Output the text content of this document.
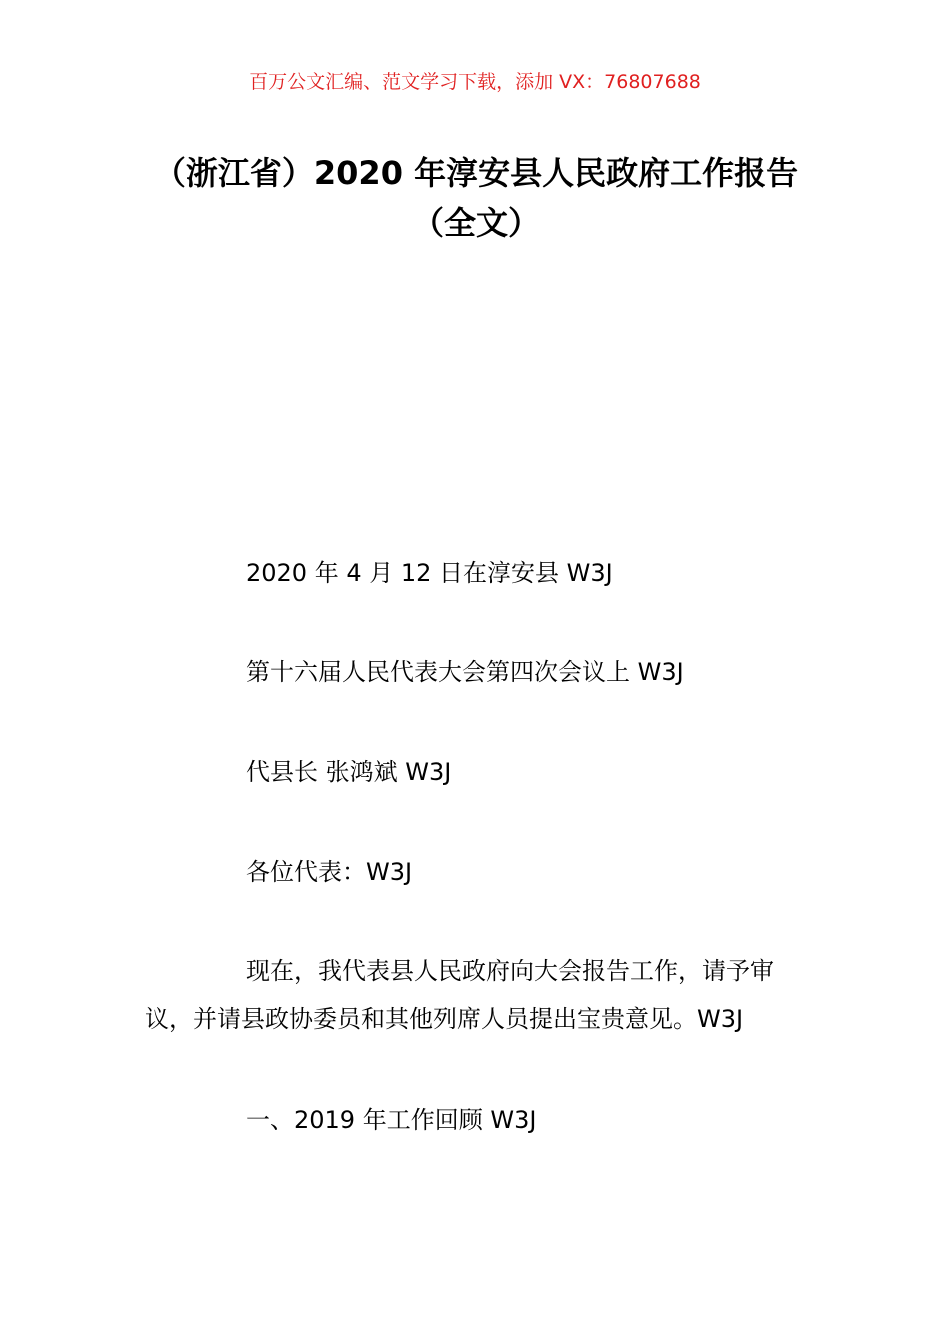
百万公文汇编、范文学习下载，添加 VX：76807688
（浙江省）2020 年淳安县人民政府工作报告（全文）
2020 年 4 月 12 日在淳安县 W3J
第十六届人民代表大会第四次会议上 W3J
代县长 张鸿斌 W3J
各位代表：W3J
现在，我代表县人民政府向大会报告工作，请予审议，并请县政协委员和其他列席人员提出宝贵意见。W3J
一、2019 年工作回顾 W3J
